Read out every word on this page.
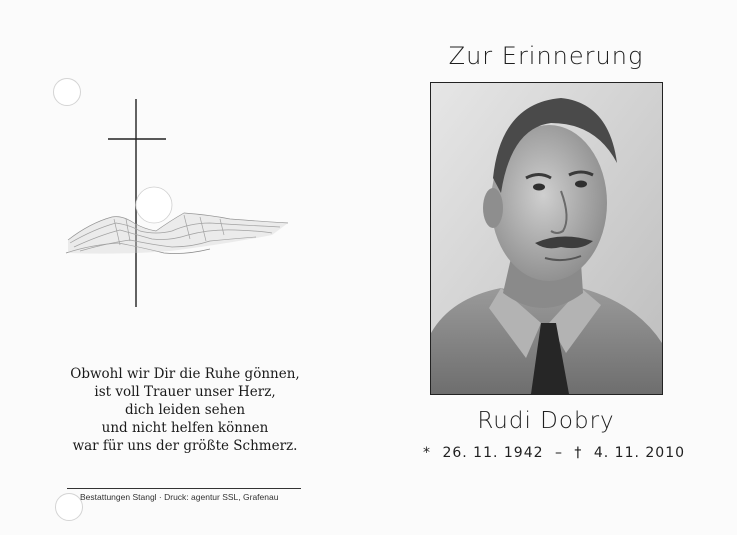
Obwohl wir Dir die Ruhe gönnen,
ist voll Trauer unser Herz,
dich leiden sehen
und nicht helfen können
war für uns der größte Schmerz.
Bestattungen Stangl · Druck: agentur SSL, Grafenau
Zur Erinnerung
Rudi Dobry
* 26. 11. 1942 – † 4. 11. 2010
